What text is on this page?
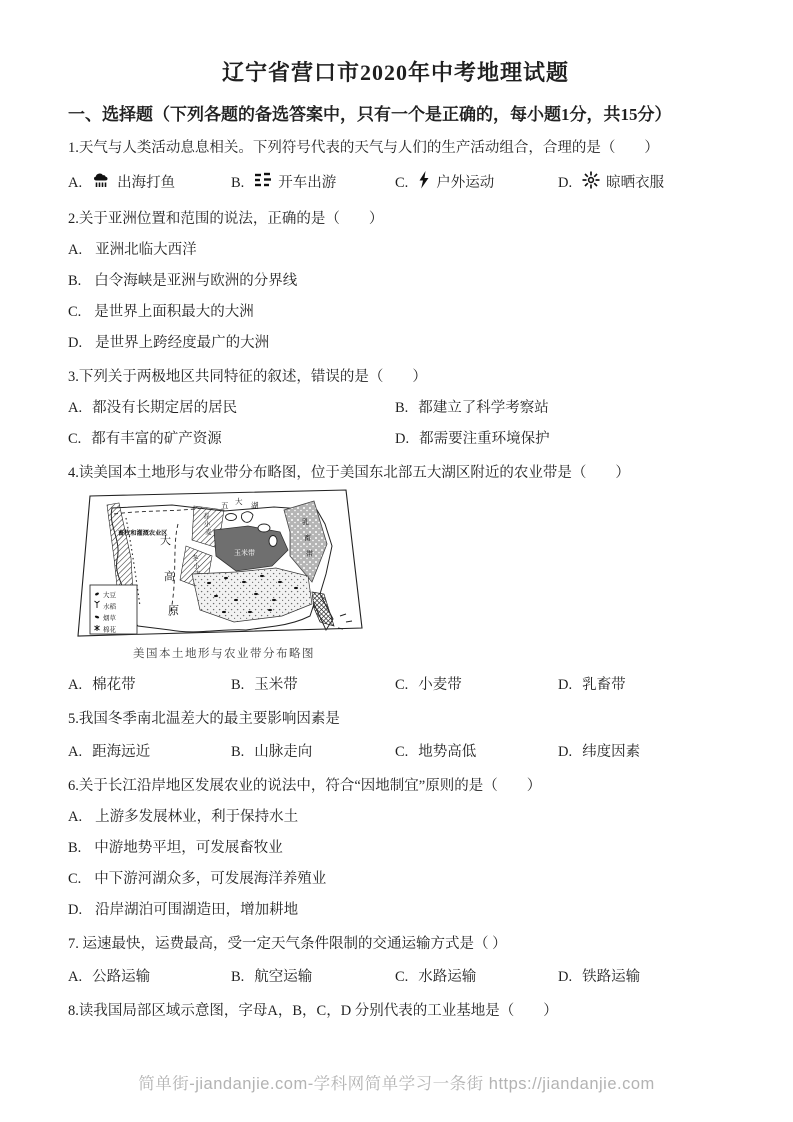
辽宁省营口市2020年中考地理试题
一、选择题（下列各题的备选答案中，只有一个是正确的，每小题1分，共15分）

1.天气与人类活动息息相关。下列符号代表的天气与人们的生产活动组合，合理的是（　　）

A. 出海打鱼	B. 开车出游	C. 户外运动	D. 晾晒衣服

2.关于亚洲位置和范围的说法，正确的是（　　）

A. 亚洲北临大西洋
B. 白令海峡是亚洲与欧洲的分界线
C. 是世界上面积最大的大洲
D. 是世界上跨经度最广的大洲

3.下列关于两极地区共同特征的叙述，错误的是（　　）

A. 都没有长期定居的居民	B. 都建立了科学考察站
C. 都有丰富的矿产资源	D. 都需要注重环境保护

4.读美国本土地形与农业带分布略图，位于美国东北部五大湖区附近的农业带是（　　）

春
小
麦
冬
小
玉米带
乳
畜
带
五 大 湖
大
高
原
畜牧和灌溉农业区
大豆
水稻
烟草
棉花
美国本土地形与农业带分布略图
A. 棉花带	B. 玉米带	C. 小麦带	D. 乳畜带

5.我国冬季南北温差大的最主要影响因素是

A. 距海远近	B. 山脉走向	C. 地势高低	D. 纬度因素

6.关于长江沿岸地区发展农业的说法中，符合“因地制宜”原则的是（　　）

A. 上游多发展林业，利于保持水土
B. 中游地势平坦，可发展畜牧业
C. 中下游河湖众多，可发展海洋养殖业
D. 沿岸湖泊可围湖造田，增加耕地

7. 运速最快，运费最高，受一定天气条件限制的交通运输方式是（ ）

A. 公路运输	B. 航空运输	C. 水路运输	D. 铁路运输

8.读我国局部区域示意图，字母A，B，C，D 分别代表的工业基地是（　　）

简单街-jiandanjie.com-学科网简单学习一条街 https://jiandanjie.com
